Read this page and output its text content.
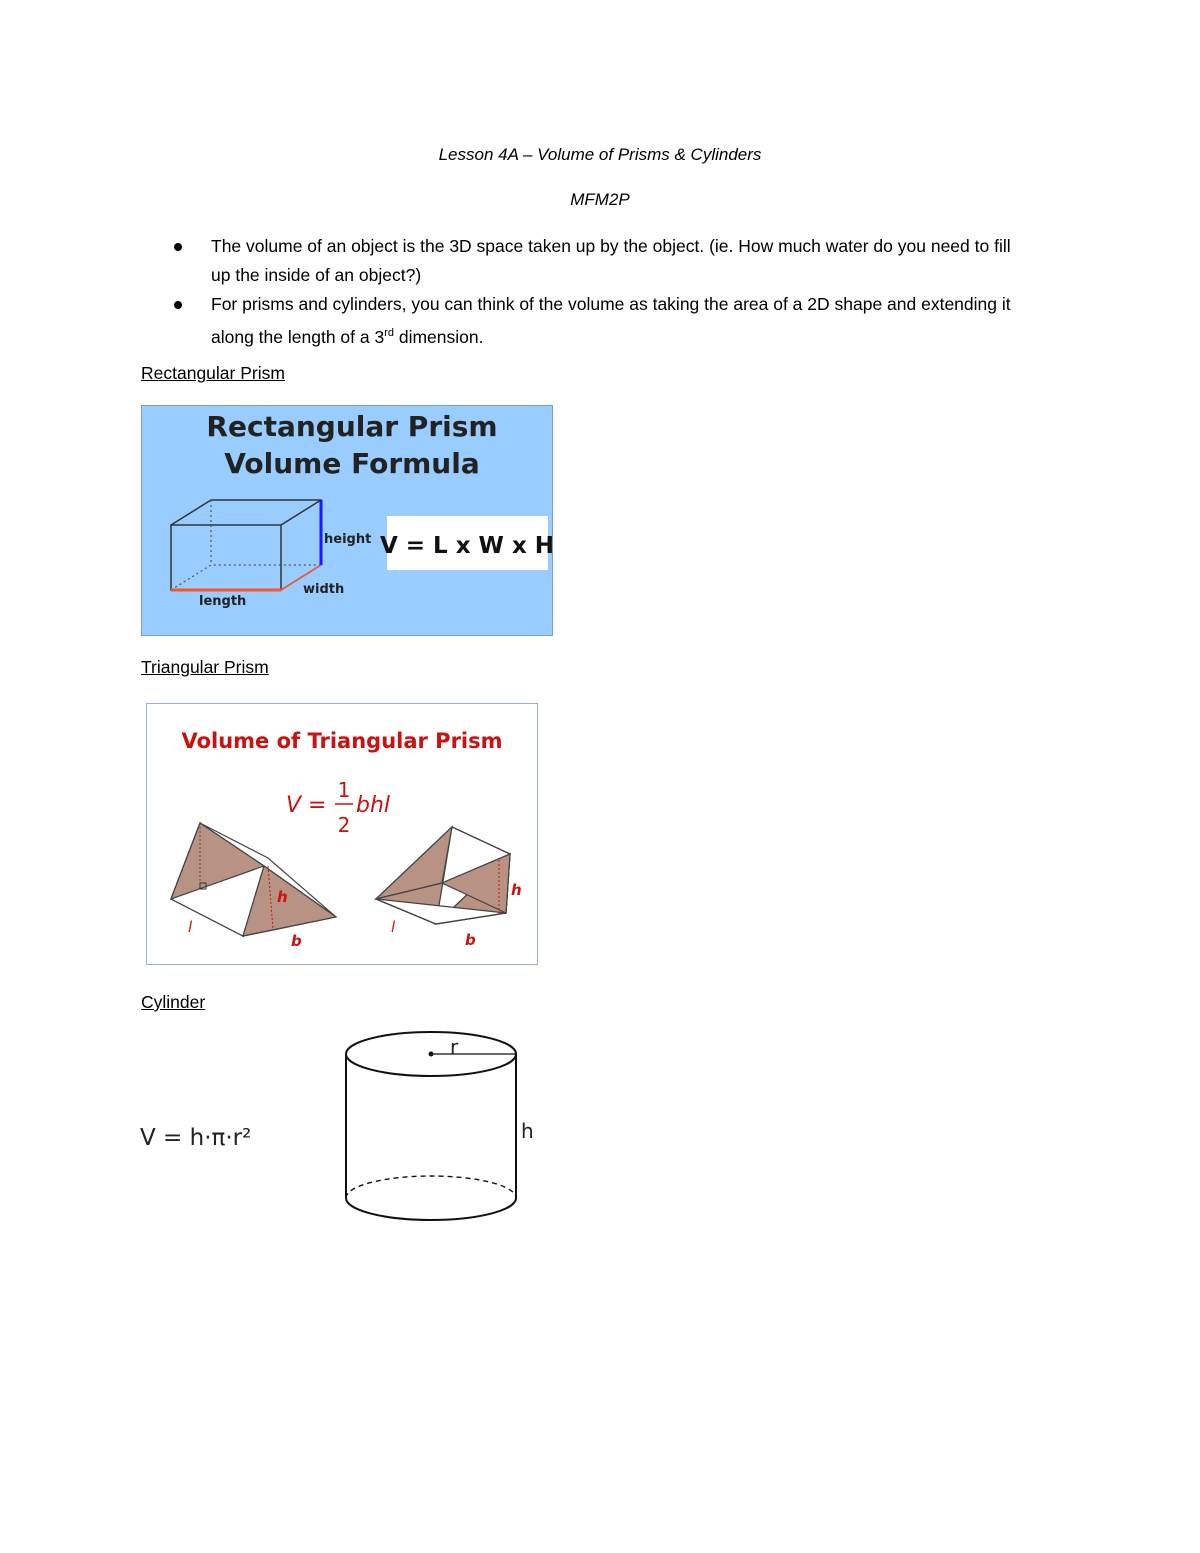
Lesson 4A – Volume of Prisms & Cylinders
MFM2P
The volume of an object is the 3D space taken up by the object. (ie. How much water do you need to fill up the inside of an object?)
For prisms and cylinders, you can think of the volume as taking the area of a 2D shape and extending it along the length of a 3rd dimension.
Rectangular Prism
Rectangular Prism
Volume Formula
height
width
length
V = L x W x H
Triangular Prism
Volume of Triangular Prism
V =
1
2
bhl
l
b
h
l
b
h
Cylinder
V = h·π·r²
r
h
